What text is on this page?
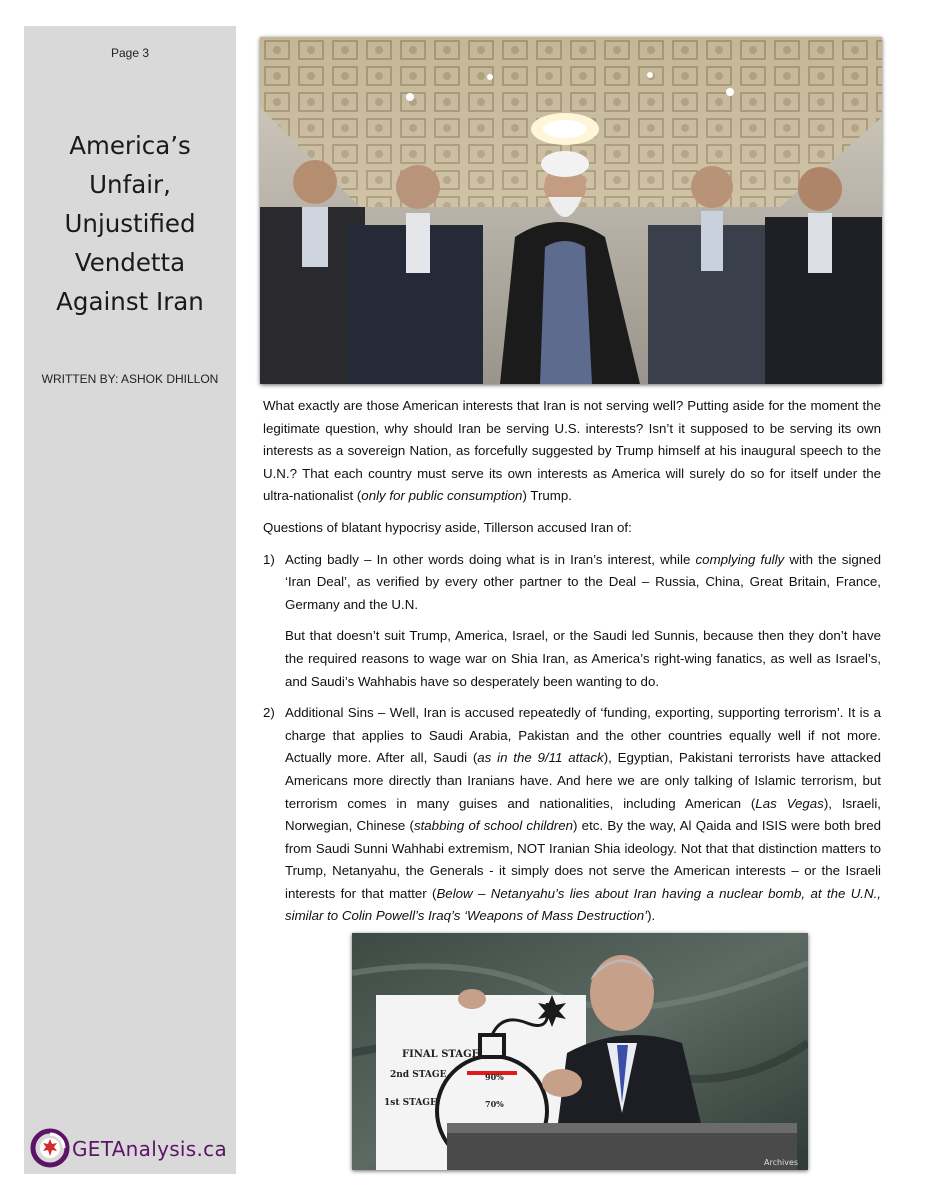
Page 3
America’s Unfair, Unjustified Vendetta Against Iran
WRITTEN BY: ASHOK DHILLON
GETAnalysis.ca

What exactly are those American interests that Iran is not serving well? Putting aside for the moment the legitimate question, why should Iran be serving U.S. interests? Isn’t it supposed to be serving its own interests as a sovereign Nation, as forcefully suggested by Trump himself at his inaugural speech to the U.N.? That each country must serve its own interests as America will surely do so for itself under the ultra-nationalist (only for public consumption) Trump.

Questions of blatant hypocrisy aside, Tillerson accused Iran of:

1) Acting badly – In other words doing what is in Iran’s interest, while complying fully with the signed ‘Iran Deal’, as verified by every other partner to the Deal – Russia, China, Great Britain, France, Germany and the U.N.

But that doesn’t suit Trump, America, Israel, or the Saudi led Sunnis, because then they don’t have the required reasons to wage war on Shia Iran, as America’s right-wing fanatics, as well as Israel’s, and Saudi’s Wahhabis have so desperately been wanting to do.

2) Additional Sins – Well, Iran is accused repeatedly of ‘funding, exporting, supporting terrorism’. It is a charge that applies to Saudi Arabia, Pakistan and the other countries equally well if not more. Actually more. After all, Saudi (as in the 9/11 attack), Egyptian, Pakistani terrorists have attacked Americans more directly than Iranians have. And here we are only talking of Islamic terrorism, but terrorism comes in many guises and nationalities, including American (Las Vegas), Israeli, Norwegian, Chinese (stabbing of school children) etc. By the way, Al Qaida and ISIS were both bred from Saudi Sunni Wahhabi extremism, NOT Iranian Shia ideology. Not that that distinction matters to Trump, Netanyahu, the Generals - it simply does not serve the American interests – or the Israeli interests for that matter (Below – Netanyahu’s lies about Iran having a nuclear bomb, at the U.N., similar to Colin Powell’s Iraq’s ‘Weapons of Mass Destruction’).

FINAL STAGE
2nd STAGE	90%
1st STAGE	70%
Archives
